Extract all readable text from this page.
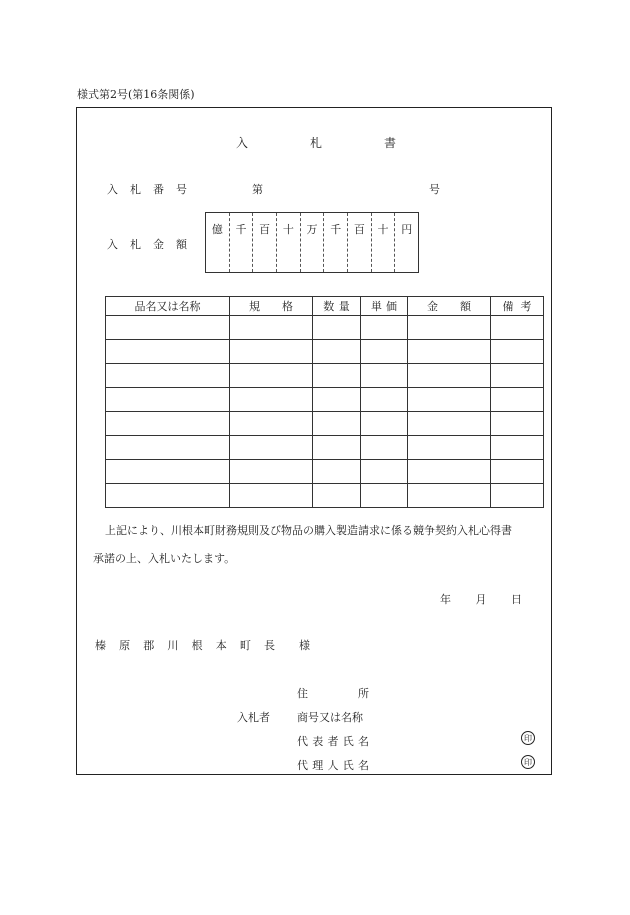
様式第2号(第16条関係)
入	札	書
入 札 番 号	第	号
入 札 金 額
億	千	百	十	万	千	百	十	円
品名又は名称	規 格	数 量	単 価	金 額	備 考

上記により、川根本町財務規則及び物品の購入製造請求に係る競争契約入札心得書

承諾の上、入札いたします。

年 月 日
榛 原 郡 川 根 本 町 長 様
入札者
住	所
商号又は名称
代 表 者 氏 名
代 理 人 氏 名
印
印
